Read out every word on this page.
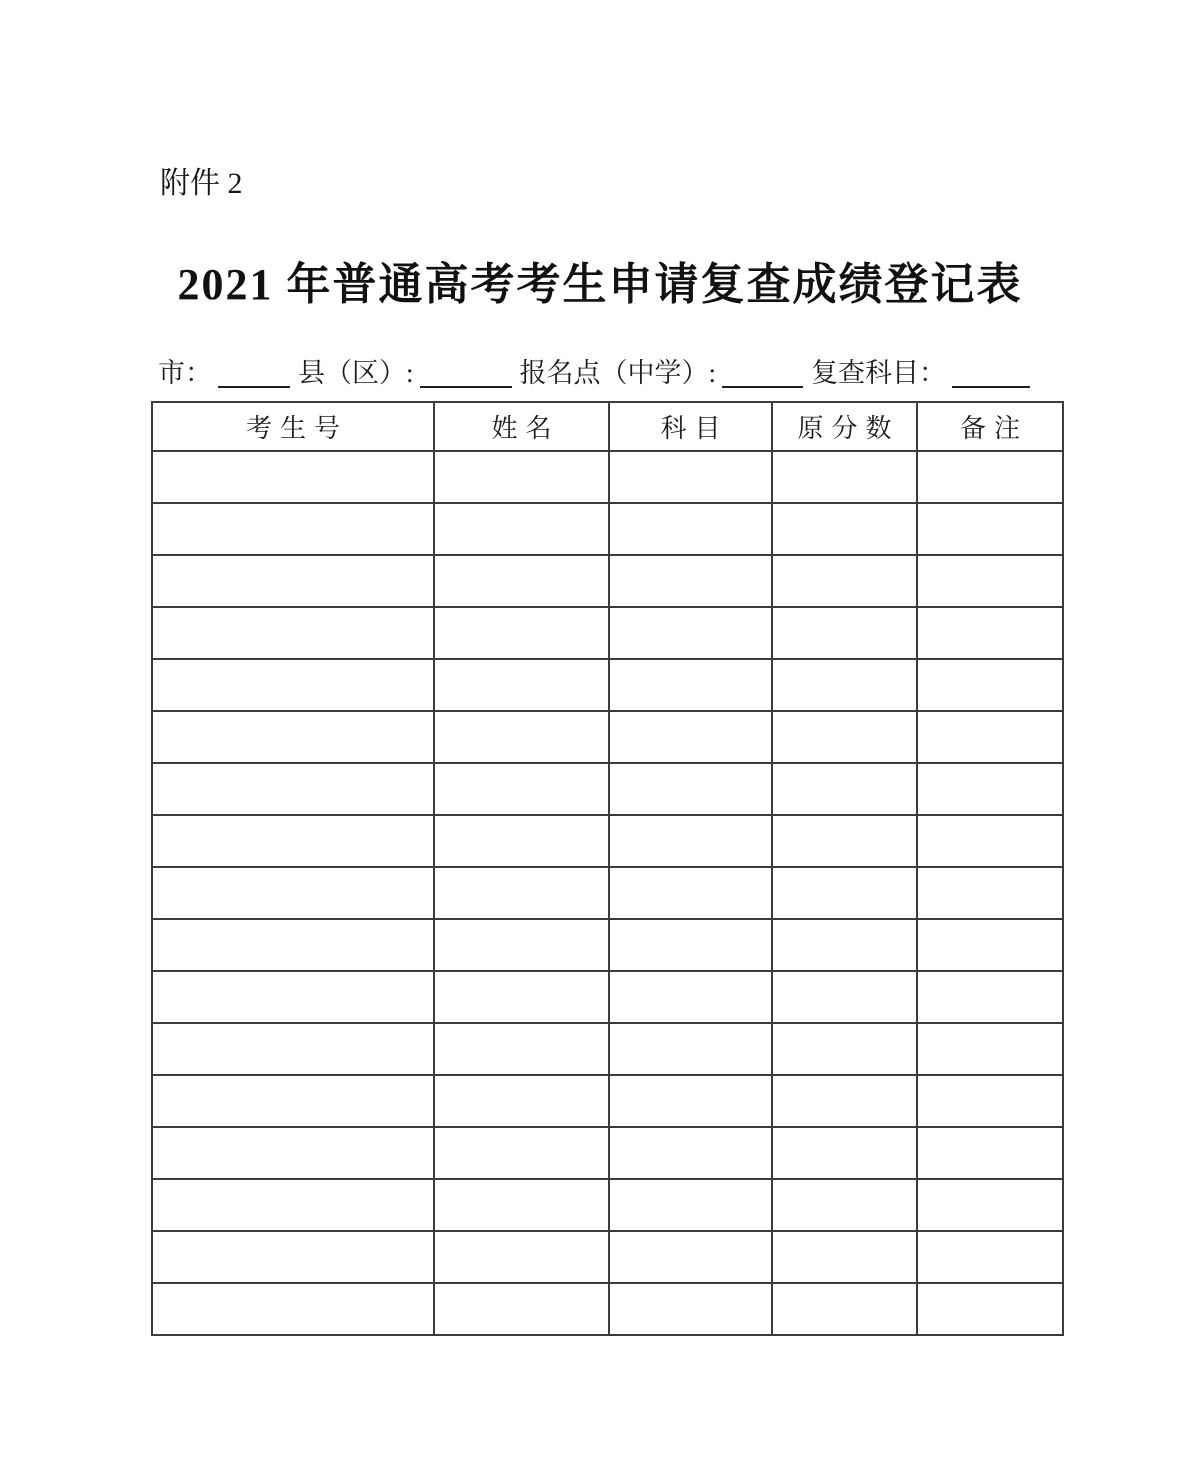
附件 2
2021 年普通高考考生申请复查成绩登记表
市：	县（区）:	报名点（中学）:	复查科目：
考生号	姓名	科目	原分数	备注
